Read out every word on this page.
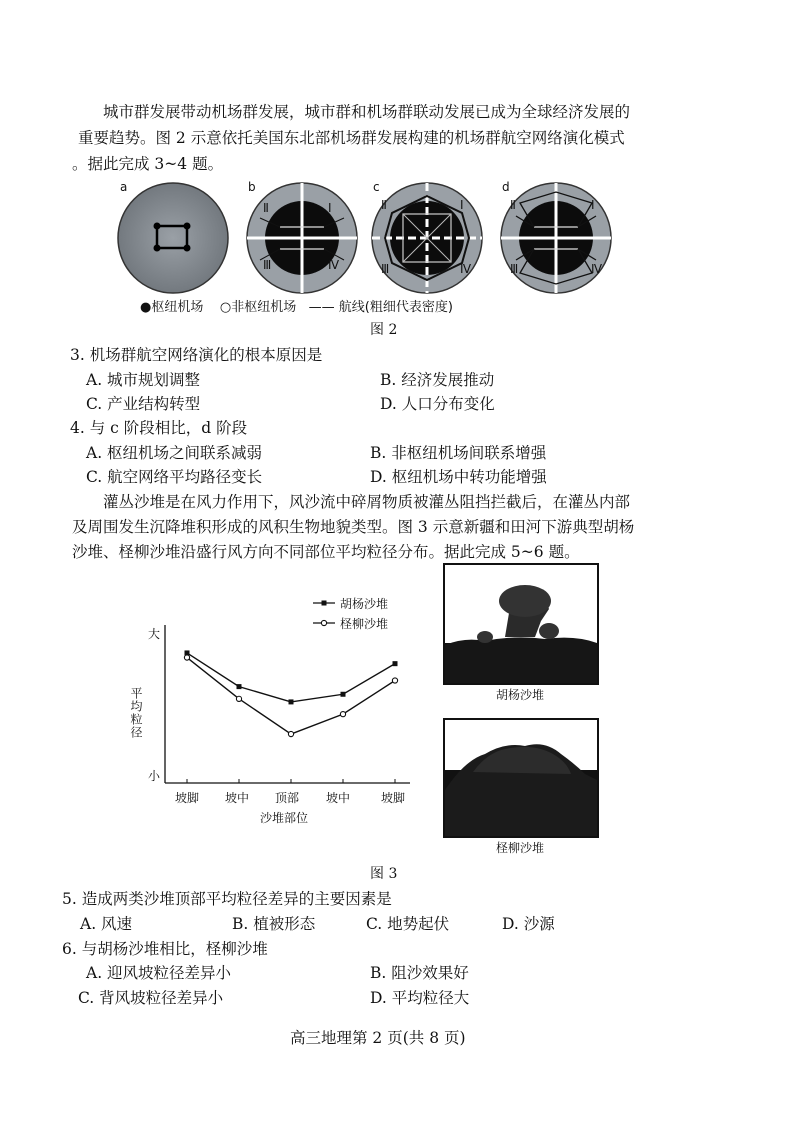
城市群发展带动机场群发展，城市群和机场群联动发展已成为全球经济发展的
重要趋势。图 2 示意依托美国东北部机场群发展构建的机场群航空网络演化模式
。据此完成 3~4 题。
a	b	c	d
Ⅰ
Ⅱ
Ⅲ	Ⅳ
Ⅰ
Ⅱ
Ⅲ	Ⅳ
Ⅰ
Ⅱ
Ⅲ	Ⅳ
●枢纽机场 ○非枢纽机场 —— 航线(粗细代表密度)
图 2
3. 机场群航空网络演化的根本原因是
A. 城市规划调整	B. 经济发展推动
C. 产业结构转型	D. 人口分布变化
4. 与 c 阶段相比，d 阶段
A. 枢纽机场之间联系减弱	B. 非枢纽机场间联系增强
C. 航空网络平均路径变长	D. 枢纽机场中转功能增强
灌丛沙堆是在风力作用下，风沙流中碎屑物质被灌丛阻挡拦截后，在灌丛内部
及周围发生沉降堆积形成的风积生物地貌类型。图 3 示意新疆和田河下游典型胡杨
沙堆、柽柳沙堆沿盛行风方向不同部位平均粒径分布。据此完成 5~6 题。
胡杨沙堆
柽柳沙堆
大
小
平均粒径
坡脚 坡中 顶部 坡中	坡脚
沙堆部位
胡杨沙堆
柽柳沙堆
图 3
5. 造成两类沙堆顶部平均粒径差异的主要因素是
A. 风速	B. 植被形态	C. 地势起伏	D. 沙源
6. 与胡杨沙堆相比，柽柳沙堆
A. 迎风坡粒径差异小	B. 阻沙效果好
C. 背风坡粒径差异小	D. 平均粒径大
高三地理第 2 页(共 8 页)
